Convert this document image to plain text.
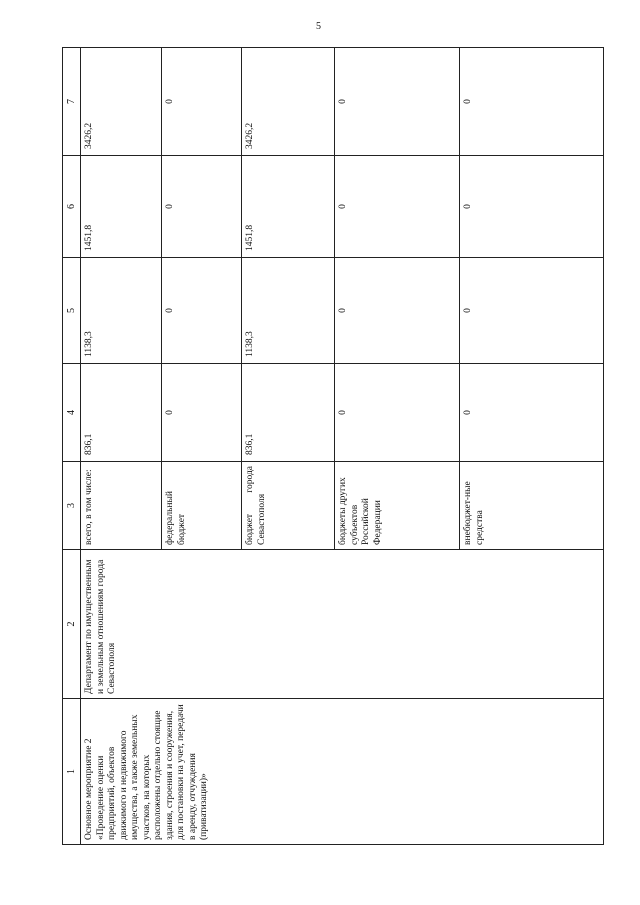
5
1	2	3	4	5	6	7
Основное мероприятие 2 «Проведение оценки предприятий, объектов движимого и недвижимого имущества, а также земельных участков, на которых расположены отдельно стоящие здания, строения и сооружения, для постановки на учет, передачи в аренду, отчуждения (приватизации)»	Департамент по имущественным и земельным отношениям города Севастополя	всего, в том числе:	836,1	1138,3	1451,8	3426,2
		федеральный бюджет	0	0	0	0
		бюджет города Севастополя	836,1	1138,3	1451,8	3426,2
		бюджеты других субъектов Российской Федерации	0	0	0	0
		внебюджет-ные средства	0	0	0	0
